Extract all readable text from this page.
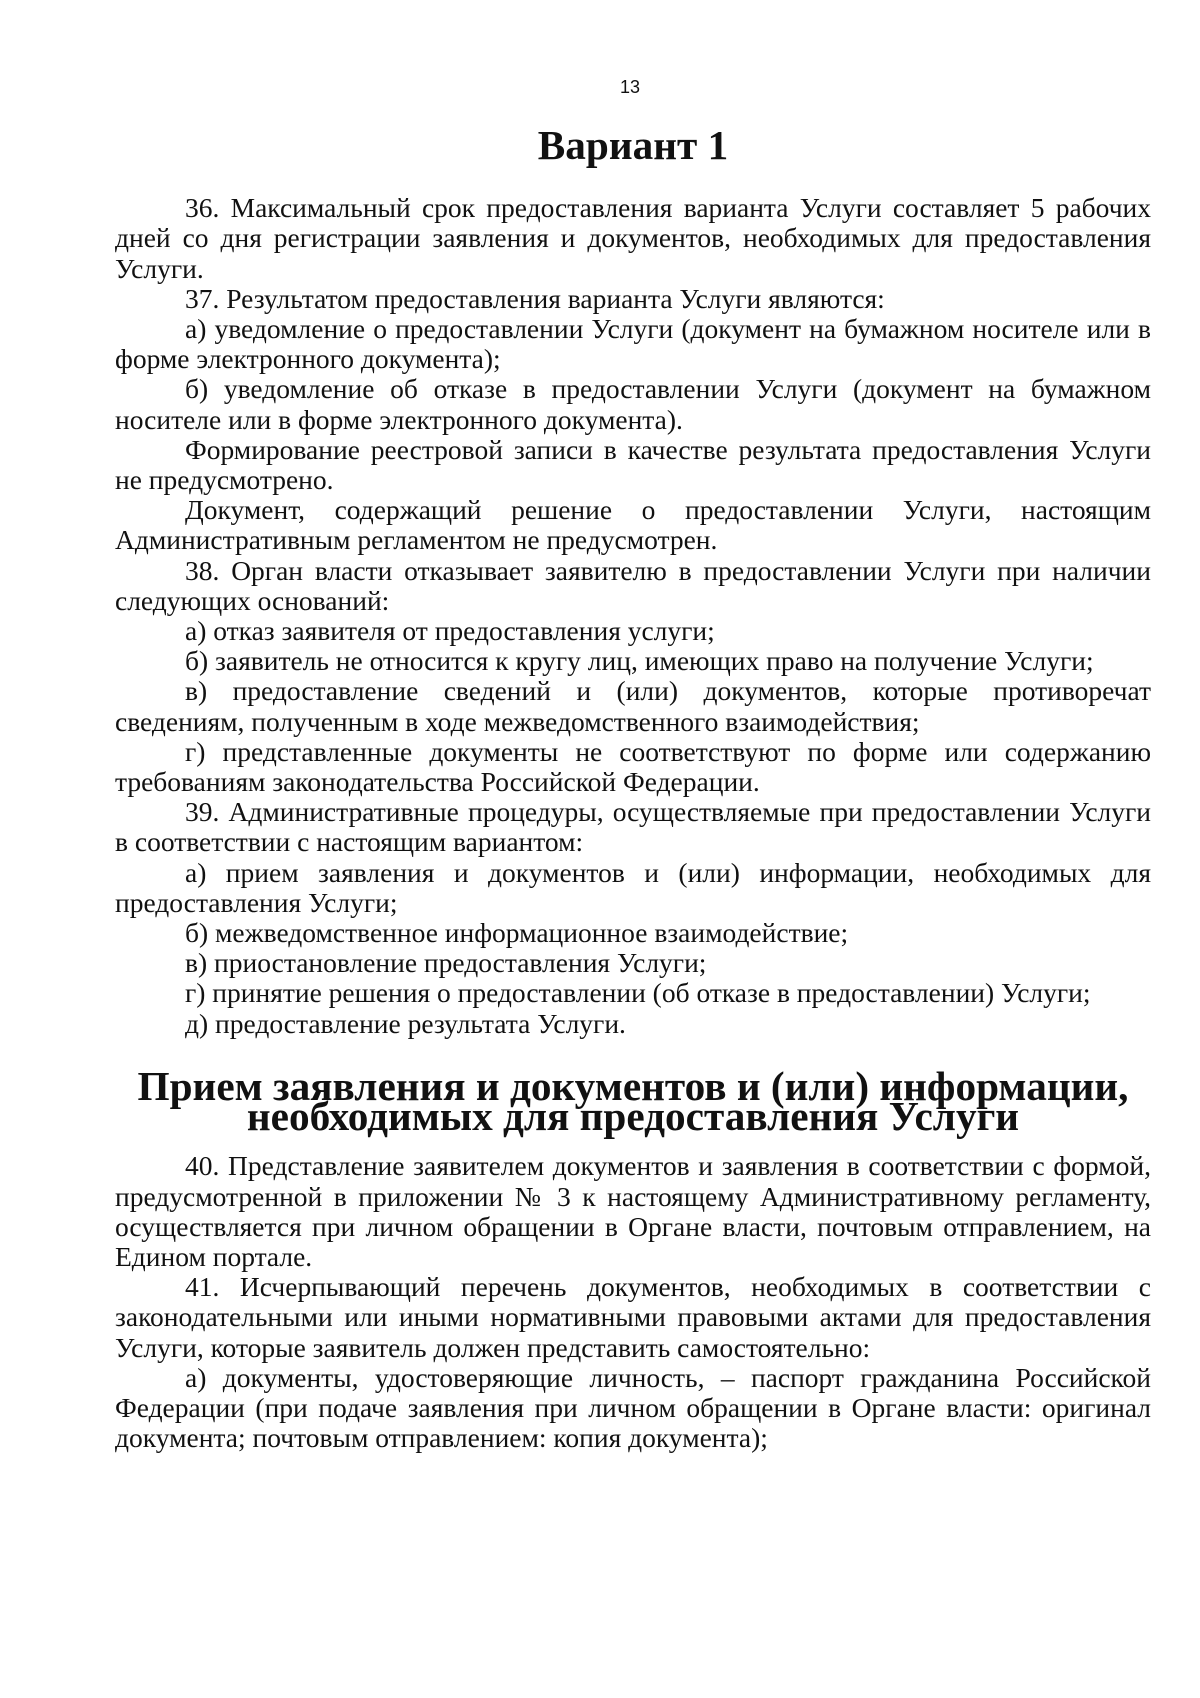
13
Вариант 1

36. Максимальный срок предоставления варианта Услуги составляет 5 рабочих дней со дня регистрации заявления и документов, необходимых для предоставления Услуги.

37. Результатом предоставления варианта Услуги являются:

а) уведомление о предоставлении Услуги (документ на бумажном носителе или в форме электронного документа);

б) уведомление об отказе в предоставлении Услуги (документ на бумажном носителе или в форме электронного документа).

Формирование реестровой записи в качестве результата предоставления Услуги не предусмотрено.

Документ, содержащий решение о предоставлении Услуги, настоящим Административным регламентом не предусмотрен.

38. Орган власти отказывает заявителю в предоставлении Услуги при наличии следующих оснований:

а) отказ заявителя от предоставления услуги;

б) заявитель не относится к кругу лиц, имеющих право на получение Услуги;

в) предоставление сведений и (или) документов, которые противоречат сведениям, полученным в ходе межведомственного взаимодействия;

г) представленные документы не соответствуют по форме или содержанию требованиям законодательства Российской Федерации.

39. Административные процедуры, осуществляемые при предоставлении Услуги в соответствии с настоящим вариантом:

а) прием заявления и документов и (или) информации, необходимых для предоставления Услуги;

б) межведомственное информационное взаимодействие;

в) приостановление предоставления Услуги;

г) принятие решения о предоставлении (об отказе в предоставлении) Услуги;

д) предоставление результата Услуги.

Прием заявления и документов и (или) информации, необходимых для предоставления Услуги

40. Представление заявителем документов и заявления в соответствии с формой, предусмотренной в приложении № 3 к настоящему Административному регламенту, осуществляется при личном обращении в Органе власти, почтовым отправлением, на Едином портале.

41. Исчерпывающий перечень документов, необходимых в соответствии с законодательными или иными нормативными правовыми актами для предоставления Услуги, которые заявитель должен представить самостоятельно:

а) документы, удостоверяющие личность, – паспорт гражданина Российской Федерации (при подаче заявления при личном обращении в Органе власти: оригинал документа; почтовым отправлением: копия документа);
